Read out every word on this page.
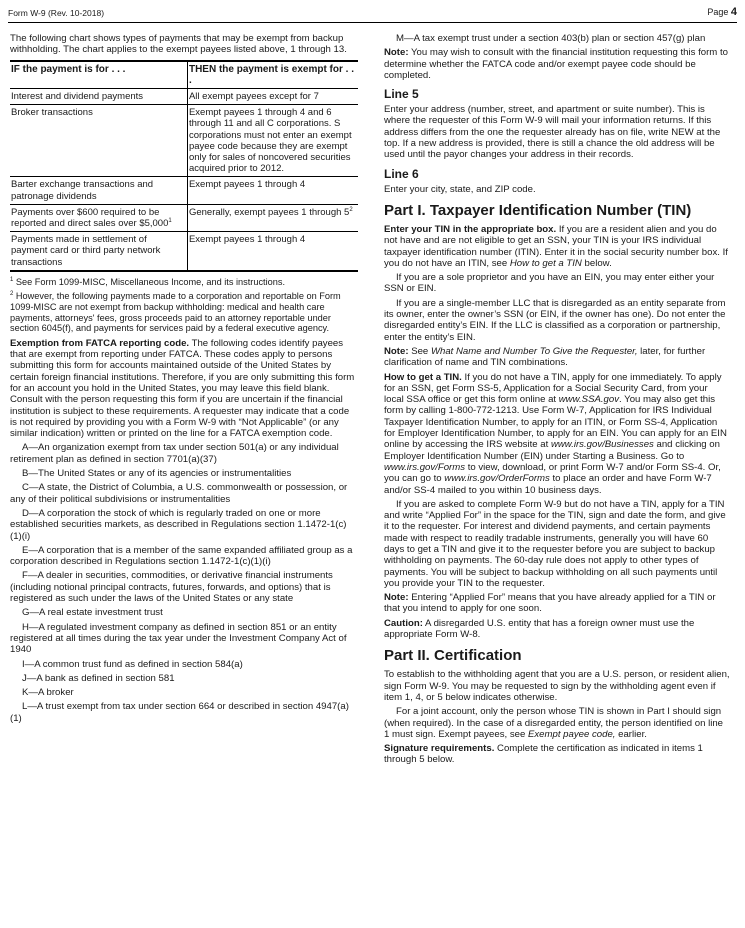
Form W-9 (Rev. 10-2018)	Page 4

The following chart shows types of payments that may be exempt from backup withholding. The chart applies to the exempt payees listed above, 1 through 13.

IF the payment is for . . .	THEN the payment is exempt for . . .
Interest and dividend payments	All exempt payees except for 7
Broker transactions	Exempt payees 1 through 4 and 6 through 11 and all C corporations. S corporations must not enter an exempt payee code because they are exempt only for sales of noncovered securities acquired prior to 2012.
Barter exchange transactions and patronage dividends	Exempt payees 1 through 4
Payments over $600 required to be reported and direct sales over $5,000$^1$	Generally, exempt payees 1 through $5^2$
Payments made in settlement of payment card or third party network transactions	Exempt payees 1 through 4

$^1$ See Form 1099-MISC, Miscellaneous Income, and its instructions.

$^2$ However, the following payments made to a corporation and reportable on Form 1099-MISC are not exempt from backup withholding: medical and health care payments, attorneys' fees, gross proceeds paid to an attorney reportable under section 6045(f), and payments for services paid by a federal executive agency.

Exemption from FATCA reporting code. The following codes identify payees that are exempt from reporting under FATCA. These codes apply to persons submitting this form for accounts maintained outside of the United States by certain foreign financial institutions. Therefore, if you are only submitting this form for an account you hold in the United States, you may leave this field blank. Consult with the person requesting this form if you are uncertain if the financial institution is subject to these requirements. A requester may indicate that a code is not required by providing you with a Form W-9 with “Not Applicable” (or any similar indication) written or printed on the line for a FATCA exemption code.

A—An organization exempt from tax under section 501(a) or any individual retirement plan as defined in section 7701(a)(37)

B—The United States or any of its agencies or instrumentalities

C—A state, the District of Columbia, a U.S. commonwealth or possession, or any of their political subdivisions or instrumentalities

D—A corporation the stock of which is regularly traded on one or more established securities markets, as described in Regulations section 1.1472-1(c)(1)(i)

E—A corporation that is a member of the same expanded affiliated group as a corporation described in Regulations section 1.1472-1(c)(1)(i)

F—A dealer in securities, commodities, or derivative financial instruments (including notional principal contracts, futures, forwards, and options) that is registered as such under the laws of the United States or any state

G—A real estate investment trust

H—A regulated investment company as defined in section 851 or an entity registered at all times during the tax year under the Investment Company Act of 1940

I—A common trust fund as defined in section 584(a)

J—A bank as defined in section 581

K—A broker

L—A trust exempt from tax under section 664 or described in section 4947(a)(1)

M—A tax exempt trust under a section 403(b) plan or section 457(g) plan

Note: You may wish to consult with the financial institution requesting this form to determine whether the FATCA code and/or exempt payee code should be completed.

Line 5

Enter your address (number, street, and apartment or suite number). This is where the requester of this Form W-9 will mail your information returns. If this address differs from the one the requester already has on file, write NEW at the top. If a new address is provided, there is still a chance the old address will be used until the payor changes your address in their records.

Line 6

Enter your city, state, and ZIP code.

Part I. Taxpayer Identification Number (TIN)

Enter your TIN in the appropriate box. If you are a resident alien and you do not have and are not eligible to get an SSN, your TIN is your IRS individual taxpayer identification number (ITIN). Enter it in the social security number box. If you do not have an ITIN, see How to get a TIN below.

If you are a sole proprietor and you have an EIN, you may enter either your SSN or EIN.

If you are a single-member LLC that is disregarded as an entity separate from its owner, enter the owner’s SSN (or EIN, if the owner has one). Do not enter the disregarded entity’s EIN. If the LLC is classified as a corporation or partnership, enter the entity’s EIN.

Note: See What Name and Number To Give the Requester, later, for further clarification of name and TIN combinations.

How to get a TIN. If you do not have a TIN, apply for one immediately. To apply for an SSN, get Form SS-5, Application for a Social Security Card, from your local SSA office or get this form online at www.SSA.gov. You may also get this form by calling 1-800-772-1213. Use Form W-7, Application for IRS Individual Taxpayer Identification Number, to apply for an ITIN, or Form SS-4, Application for Employer Identification Number, to apply for an EIN. You can apply for an EIN online by accessing the IRS website at www.irs.gov/Businesses and clicking on Employer Identification Number (EIN) under Starting a Business. Go to www.irs.gov/Forms to view, download, or print Form W-7 and/or Form SS-4. Or, you can go to www.irs.gov/OrderForms to place an order and have Form W-7 and/or SS-4 mailed to you within 10 business days.

If you are asked to complete Form W-9 but do not have a TIN, apply for a TIN and write “Applied For” in the space for the TIN, sign and date the form, and give it to the requester. For interest and dividend payments, and certain payments made with respect to readily tradable instruments, generally you will have 60 days to get a TIN and give it to the requester before you are subject to backup withholding on payments. The 60-day rule does not apply to other types of payments. You will be subject to backup withholding on all such payments until you provide your TIN to the requester.

Note: Entering “Applied For” means that you have already applied for a TIN or that you intend to apply for one soon.

Caution: A disregarded U.S. entity that has a foreign owner must use the appropriate Form W-8.

Part II. Certification

To establish to the withholding agent that you are a U.S. person, or resident alien, sign Form W-9. You may be requested to sign by the withholding agent even if item 1, 4, or 5 below indicates otherwise.

For a joint account, only the person whose TIN is shown in Part I should sign (when required). In the case of a disregarded entity, the person identified on line 1 must sign. Exempt payees, see Exempt payee code, earlier.

Signature requirements. Complete the certification as indicated in items 1 through 5 below.
